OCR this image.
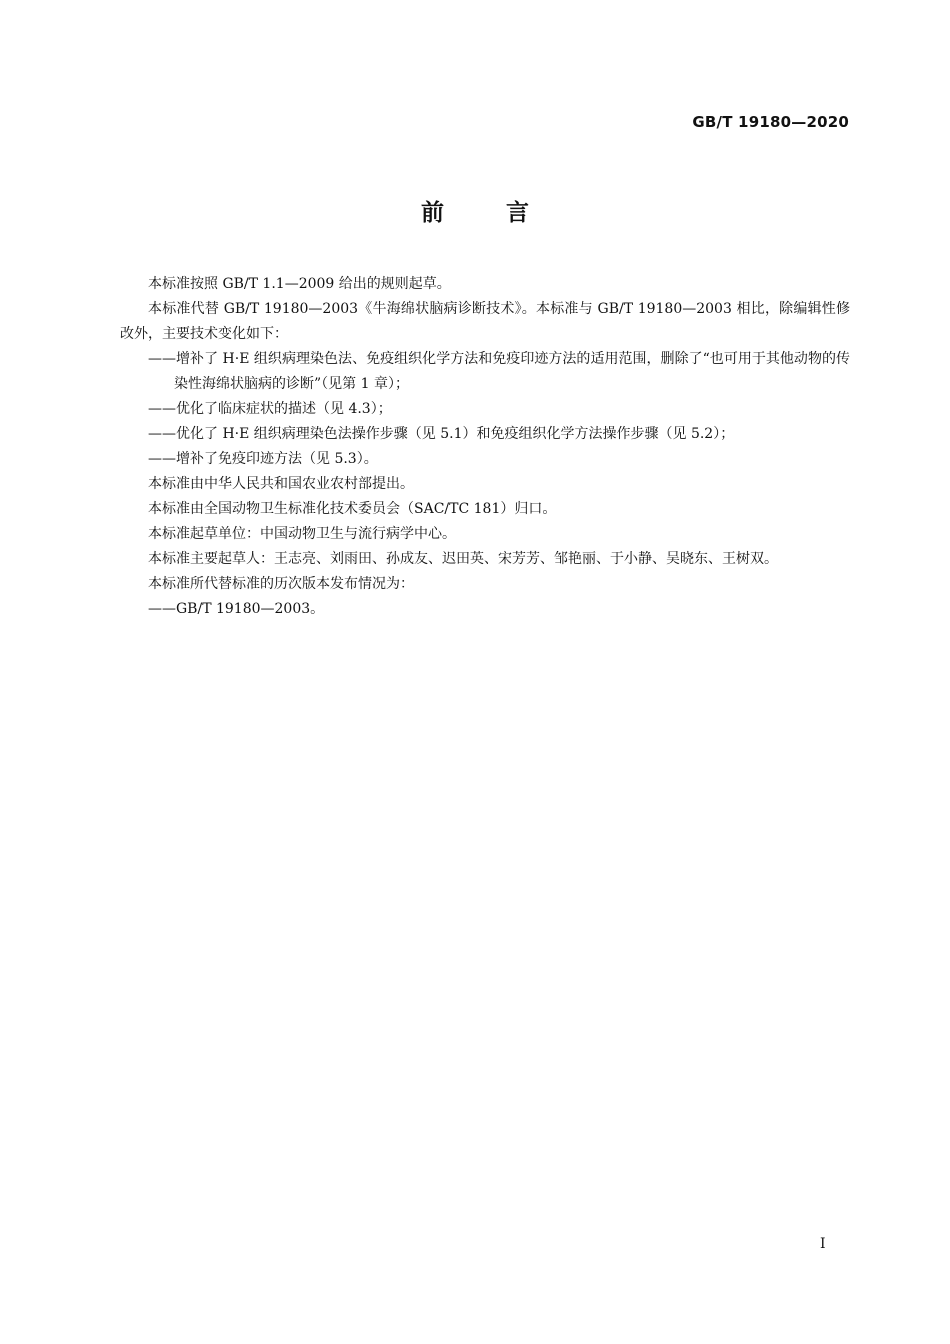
GB/T 19180—2020
前	言

本标准按照 GB/T 1.1—2009 给出的规则起草。

本标准代替 GB/T 19180—2003《牛海绵状脑病诊断技术》。本标准与 GB/T 19180—2003 相比，除编辑性修改外，主要技术变化如下：

——增补了 H·E 组织病理染色法、免疫组织化学方法和免疫印迹方法的适用范围，删除了“也可用于其他动物的传染性海绵状脑病的诊断”（见第 1 章）；

——优化了临床症状的描述（见 4.3）；

——优化了 H·E 组织病理染色法操作步骤（见 5.1）和免疫组织化学方法操作步骤（见 5.2）；

——增补了免疫印迹方法（见 5.3）。

本标准由中华人民共和国农业农村部提出。

本标准由全国动物卫生标准化技术委员会（SAC/TC 181）归口。

本标准起草单位：中国动物卫生与流行病学中心。

本标准主要起草人：王志亮、刘雨田、孙成友、迟田英、宋芳芳、邹艳丽、于小静、吴晓东、王树双。

本标准所代替标准的历次版本发布情况为：

——GB/T 19180—2003。

I
